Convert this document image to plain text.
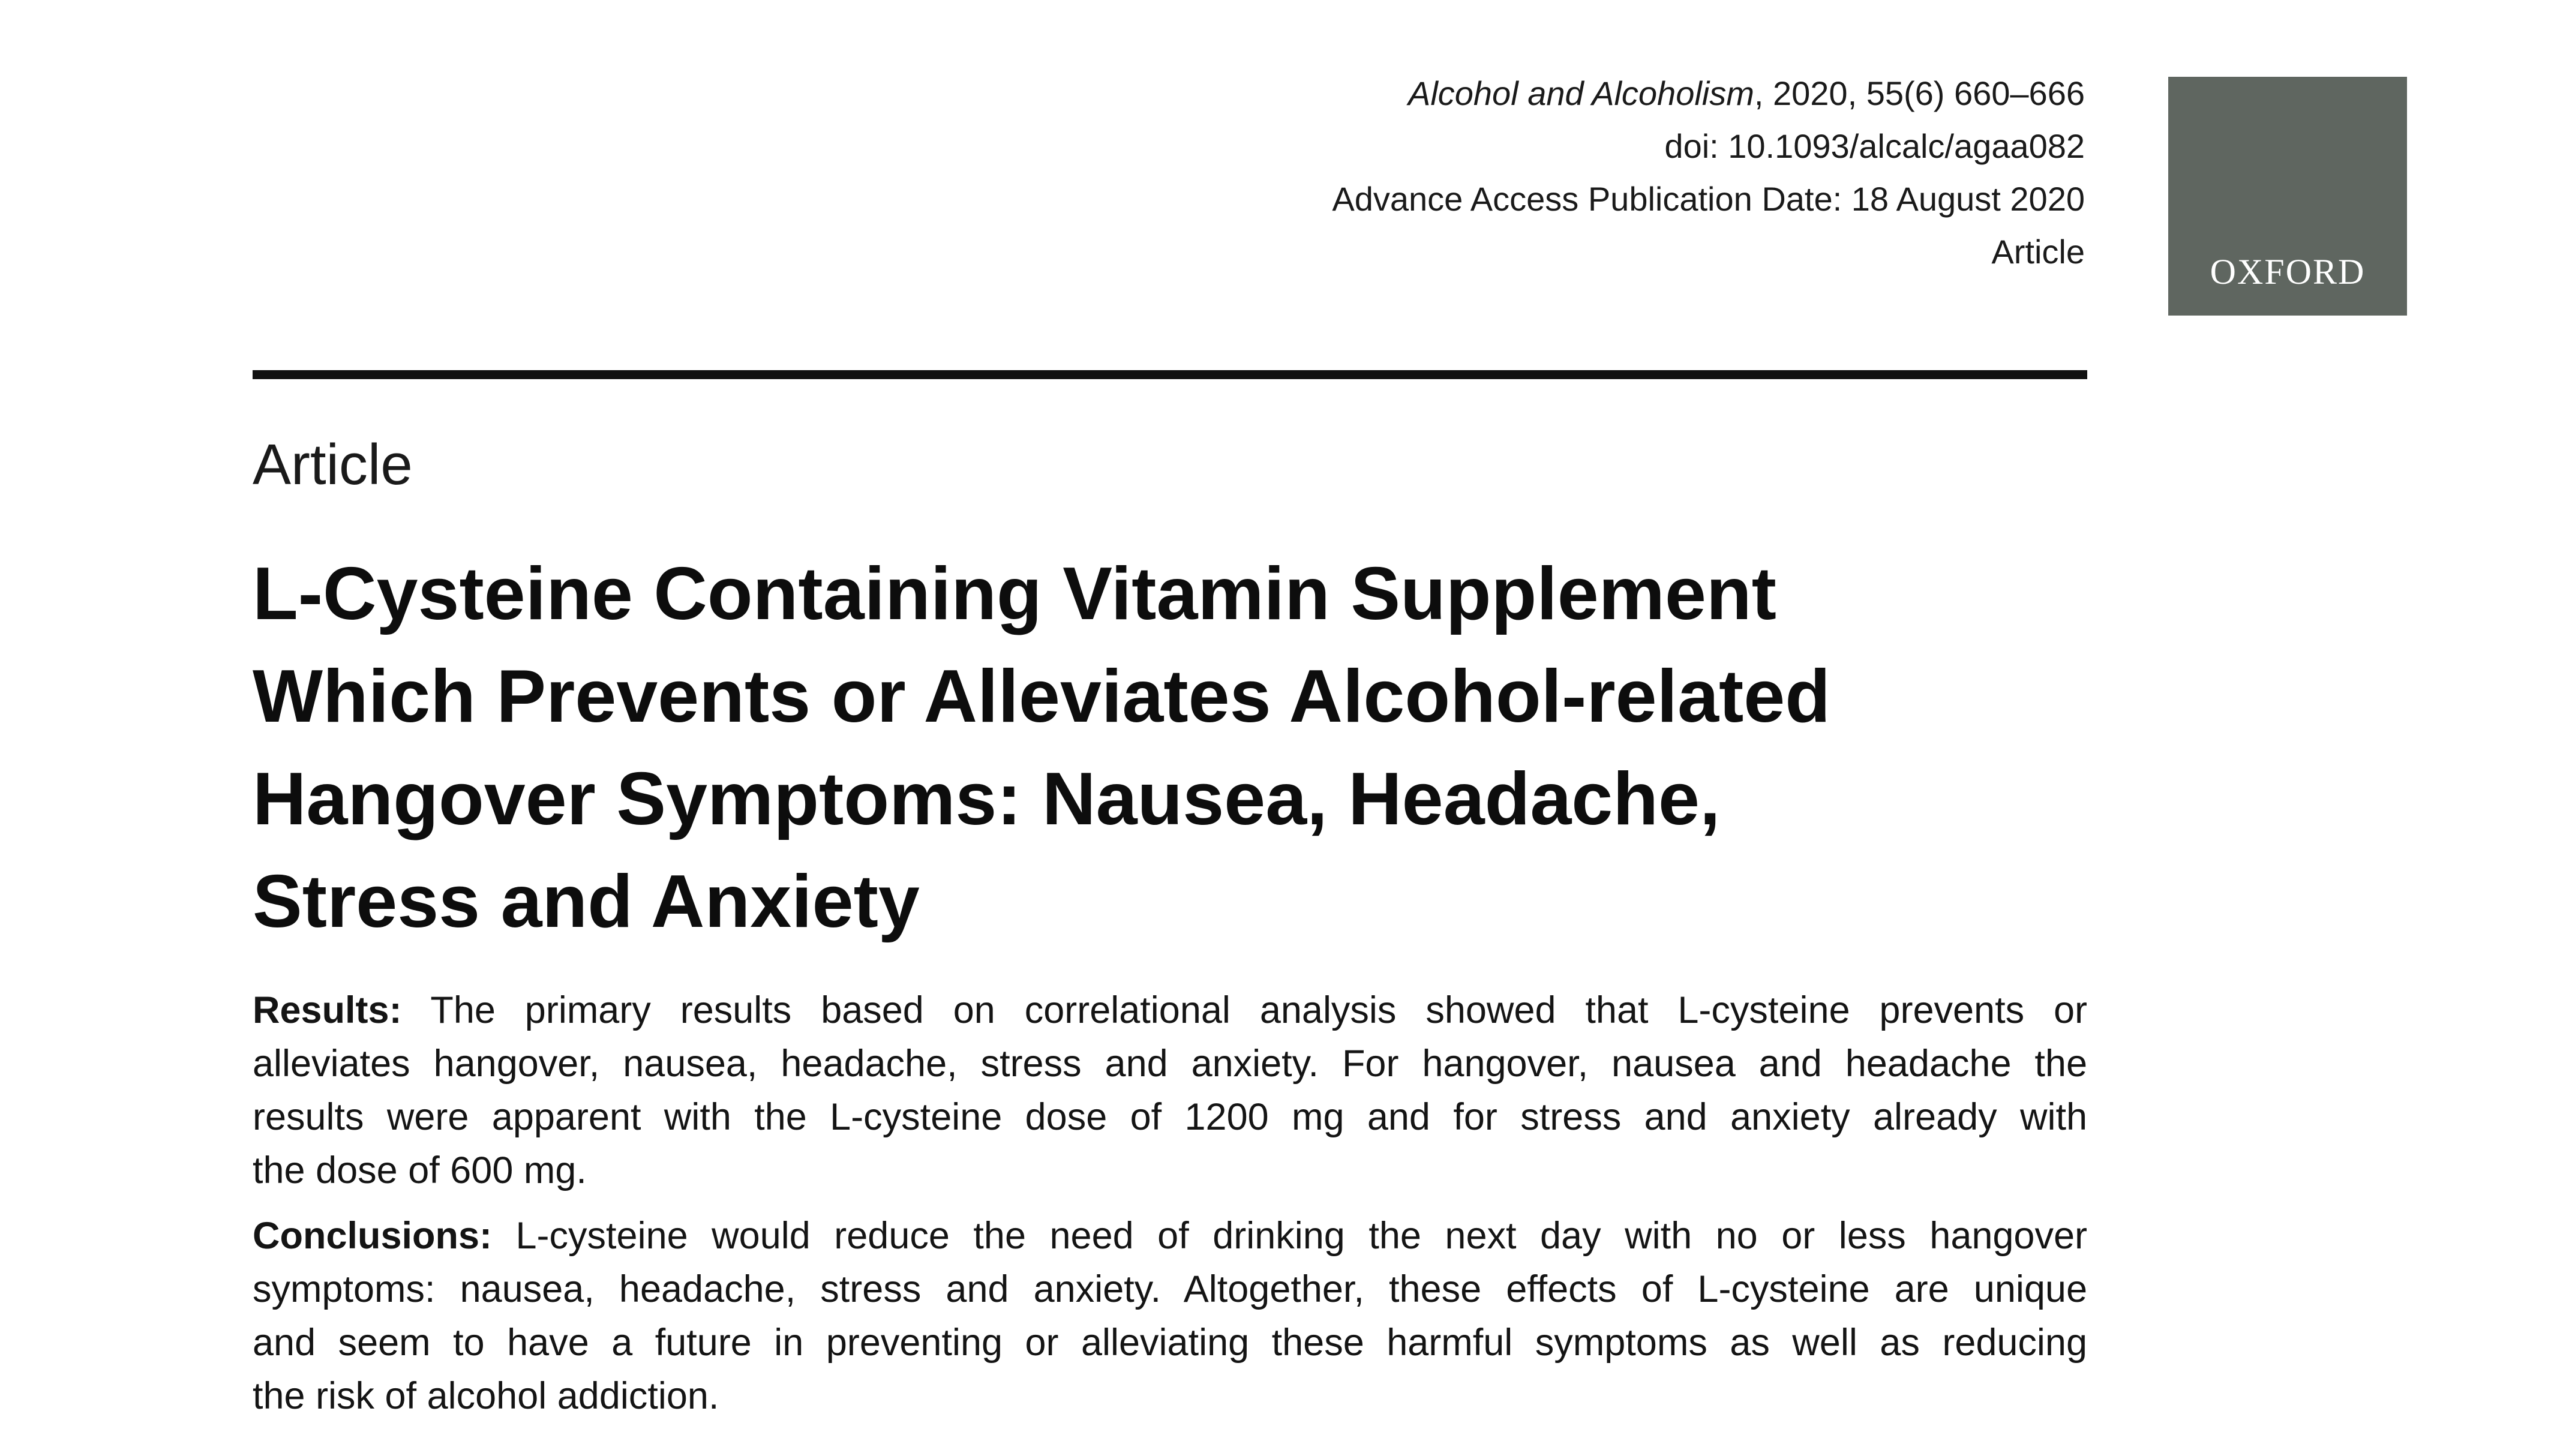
Alcohol and Alcoholism, 2020, 55(6) 660–666
doi: 10.1093/alcalc/agaa082
Advance Access Publication Date: 18 August 2020
Article
OXFORD
Article
L-Cysteine Containing Vitamin Supplement
Which Prevents or Alleviates Alcohol-related
Hangover Symptoms: Nausea, Headache,
Stress and Anxiety

Results: The primary results based on correlational analysis showed that L-cysteine prevents or
alleviates hangover, nausea, headache, stress and anxiety. For hangover, nausea and headache the
results were apparent with the L-cysteine dose of 1200 mg and for stress and anxiety already with
the dose of 600 mg.

Conclusions: L-cysteine would reduce the need of drinking the next day with no or less hangover
symptoms: nausea, headache, stress and anxiety. Altogether, these effects of L-cysteine are unique
and seem to have a future in preventing or alleviating these harmful symptoms as well as reducing
the risk of alcohol addiction.
